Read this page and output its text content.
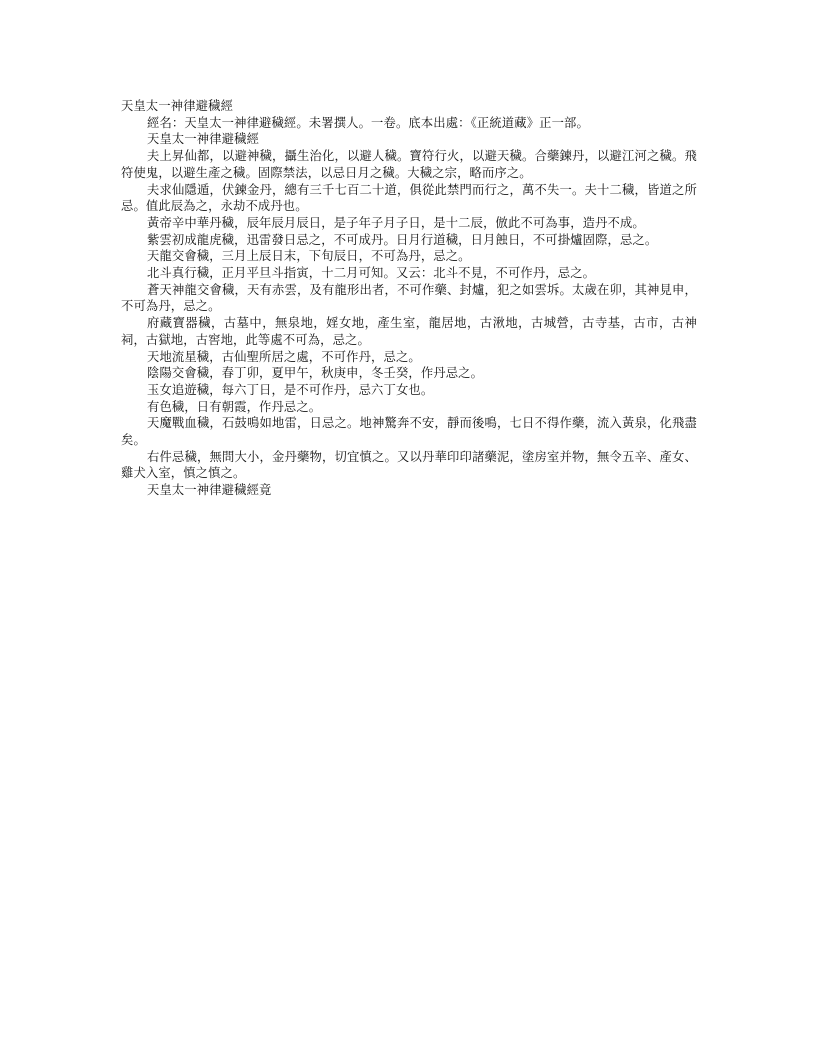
天皇太一神律避穢經

經名：天皇太一神律避穢經。未署撰人。一卷。底本出處：《正統道藏》正一部。

天皇太一神律避穢經

夫上昇仙都，以避神穢，攝生治化，以避人穢。寶符行火，以避天穢。合藥鍊丹，以避江河之穢。飛符使鬼，以避生產之穢。固際禁法，以忌日月之穢。大穢之宗，略而序之。

夫求仙隱遁，伏鍊金丹，總有三千七百二十道，俱從此禁門而行之，萬不失一。夫十二穢，皆道之所忌。值此辰為之，永劫不成丹也。

黃帝辛中華丹穢，辰年辰月辰日，是子年子月子日，是十二辰，倣此不可為事，造丹不成。

紫雲初成龍虎穢，迅雷發日忌之，不可成丹。日月行道穢，日月蝕日，不可掛爐固際，忌之。

天龍交會穢，三月上辰日末，下旬辰日，不可為丹，忌之。

北斗真行穢，正月平旦斗指寅，十二月可知。又云：北斗不見，不可作丹，忌之。

蒼天神龍交會穢，天有赤雲，及有龍形出者，不可作藥、封爐，犯之如雲坼。太歲在卯，其神見申，不可為丹，忌之。

府藏寶器穢，古墓中，無泉地，婬女地，產生室，龍居地，古湫地，古城營，古寺基，古市，古神祠，古獄地，古窖地，此等處不可為，忌之。

天地流星穢，古仙聖所居之處，不可作丹，忌之。

陰陽交會穢，春丁卯，夏甲午，秋庚申，冬壬癸，作丹忌之。

玉女追遊穢，每六丁日，是不可作丹，忌六丁女也。

有色穢，日有朝霞，作丹忌之。

天魔戰血穢，石鼓鳴如地雷，日忌之。地神驚奔不安，靜而後鳴，七日不得作藥，流入黃泉，化飛盡矣。

右件忌穢，無問大小，金丹藥物，切宜慎之。又以丹華印印諸藥泥，塗房室并物，無令五辛、產女、雞犬入室，慎之慎之。

天皇太一神律避穢經竟
